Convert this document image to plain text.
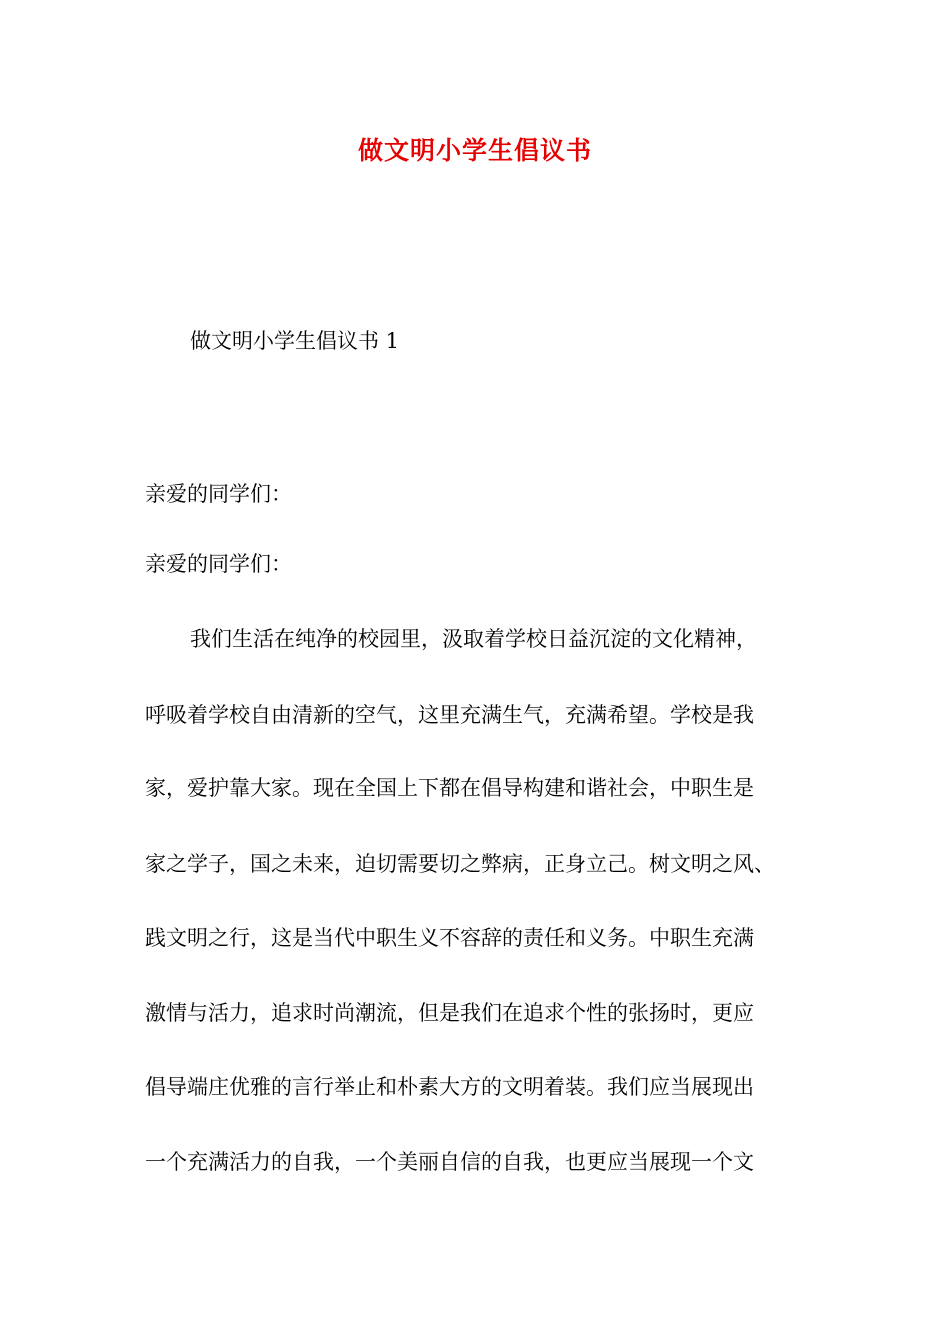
做文明小学生倡议书

做文明小学生倡议书 1

亲爱的同学们：

亲爱的同学们：

我们生活在纯净的校园里，汲取着学校日益沉淀的文化精神，

呼吸着学校自由清新的空气，这里充满生气，充满希望。学校是我

家，爱护靠大家。现在全国上下都在倡导构建和谐社会，中职生是

家之学子，国之未来，迫切需要切之弊病，正身立己。树文明之风、

践文明之行，这是当代中职生义不容辞的责任和义务。中职生充满

激情与活力，追求时尚潮流，但是我们在追求个性的张扬时，更应

倡导端庄优雅的言行举止和朴素大方的文明着装。我们应当展现出

一个充满活力的自我，一个美丽自信的自我，也更应当展现一个文
